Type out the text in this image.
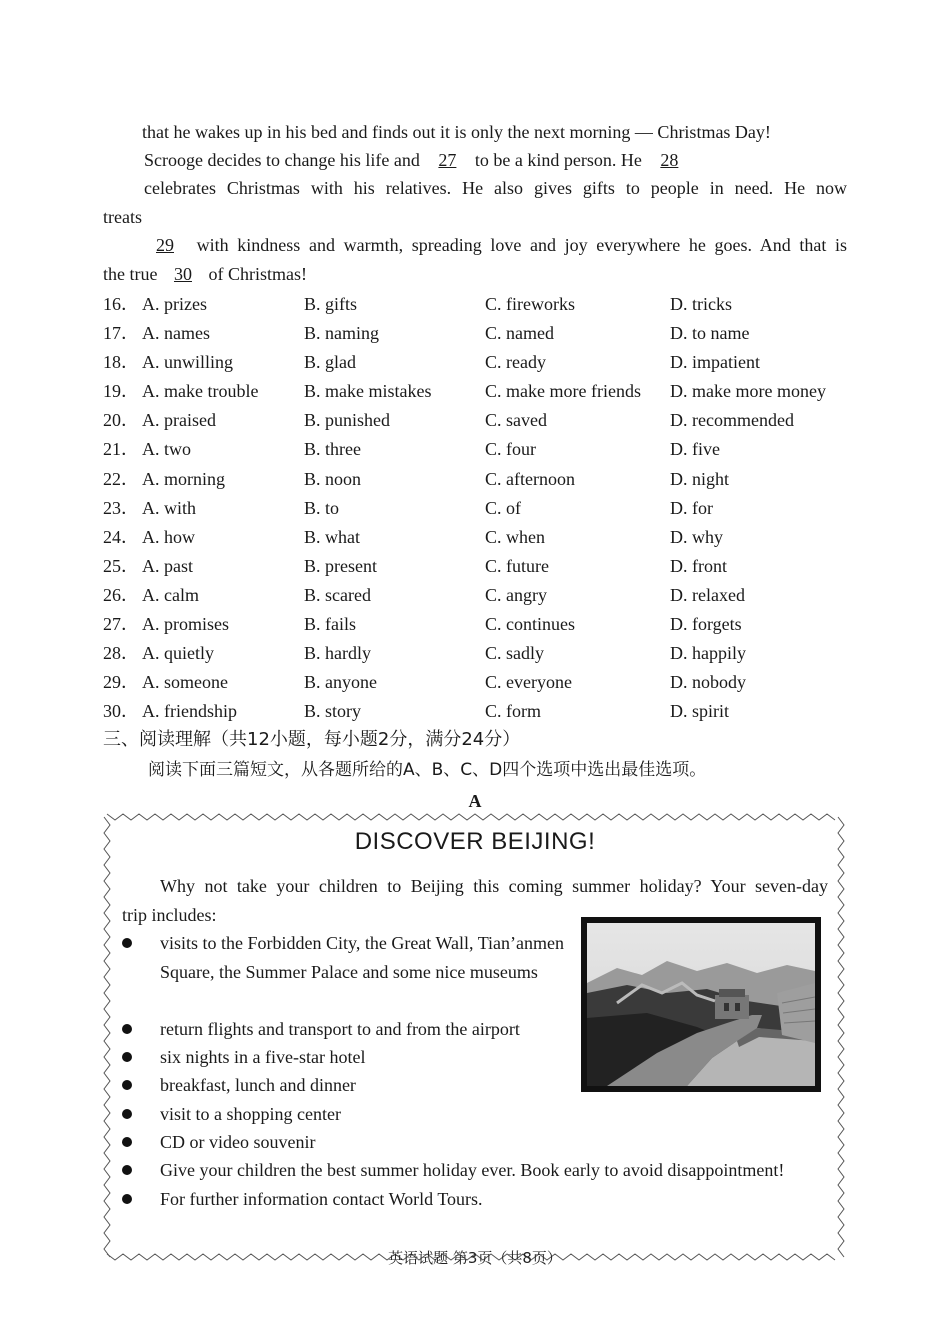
that he wakes up in his bed and finds out it is only the next morning — Christmas Day!
Scrooge decides to change his life and 27 to be a kind person. He 28
celebrates Christmas with his relatives. He also gives gifts to people in need. He now
treats
29 with kindness and warmth, spreading love and joy everywhere he goes. And that is
the true 30 of Christmas!
16． A. prizes	B. gifts	C. fireworks	D. tricks
17． A. names	B. naming	C. named	D. to name
18． A. unwilling	B. glad	C. ready	D. impatient
19． A. make trouble	B. make mistakes	C. make more friends D. make more money
20． A. praised	B. punished	C. saved	D. recommended
21． A. two	B. three	C. four	D. five
22． A. morning	B. noon	C. afternoon	D. night
23． A. with	B. to	C. of	D. for
24． A. how	B. what	C. when	D. why
25． A. past	B. present	C. future	D. front
26． A. calm	B. scared	C. angry	D. relaxed
27． A. promises	B. fails	C. continues	D. forgets
28． A. quietly	B. hardly	C. sadly	D. happily
29． A. someone	B. anyone	C. everyone	D. nobody
30． A. friendship	B. story	C. form	D. spirit
三、阅读理解（共12小题，每小题2分，满分24分）
阅读下面三篇短文，从各题所给的A、B、C、D四个选项中选出最佳选项。
A
DISCOVER BEIJING!
Why not take your children to Beijing this coming summer holiday? Your seven-day
trip includes:
visits to the Forbidden City, the Great Wall, Tian’anmen Square, the Summer Palace and some nice museums
return flights and transport to and from the airport
six nights in a five-star hotel
breakfast, lunch and dinner
visit to a shopping center
CD or video souvenir
Give your children the best summer holiday ever. Book early to avoid disappointment!
For further information contact World Tours.
英语试题 第3页（共8页）
